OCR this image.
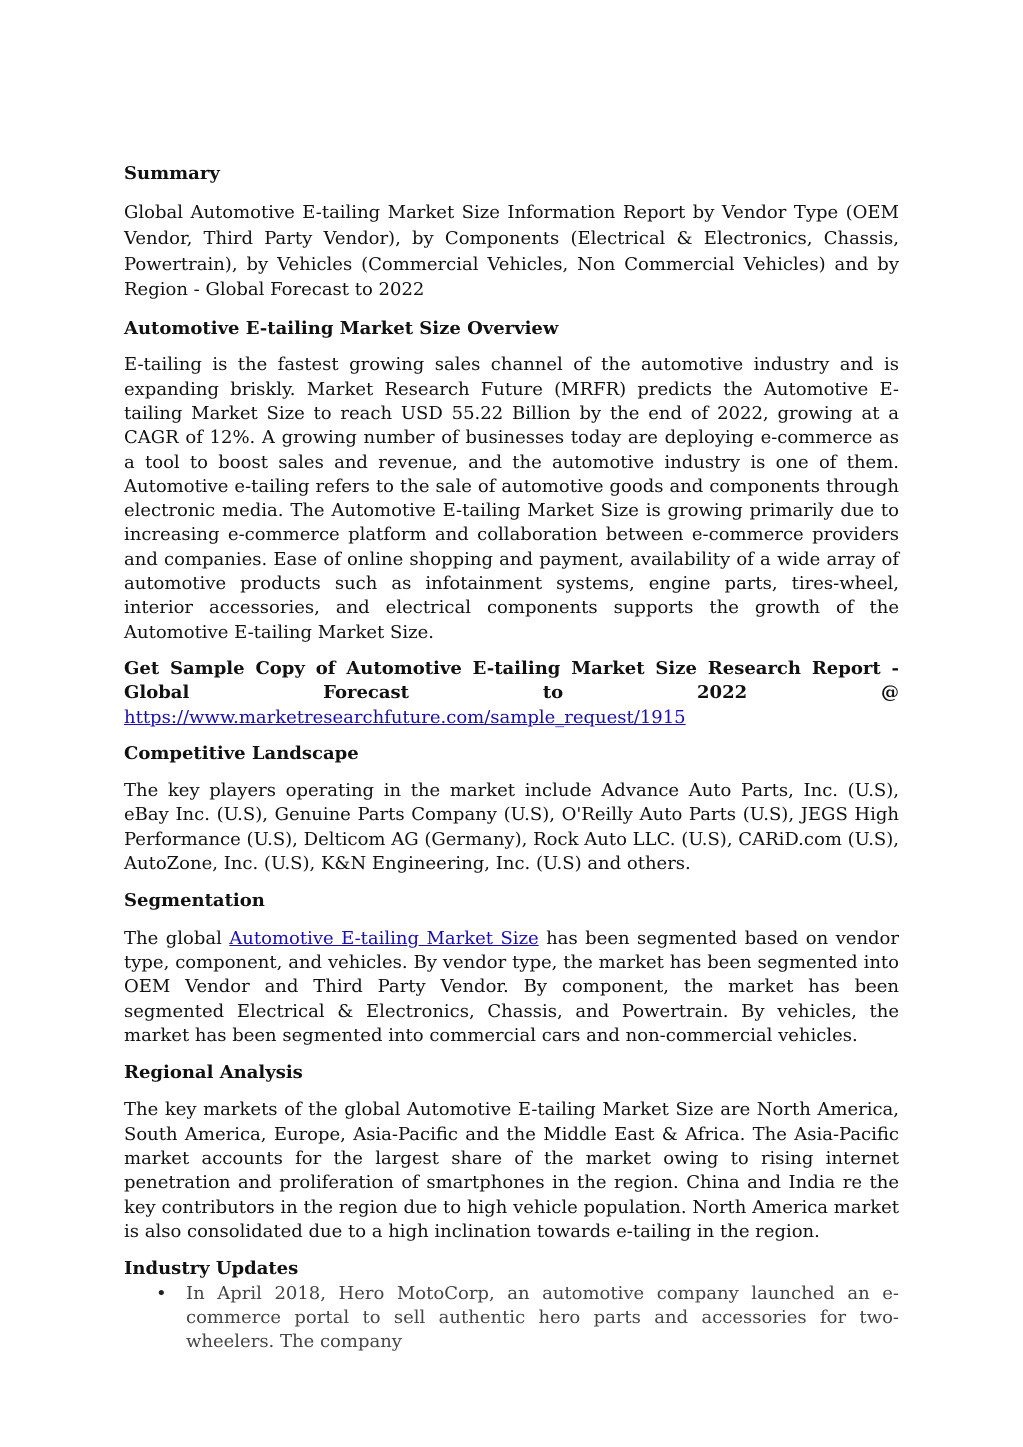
Summary

Global Automotive E-tailing Market Size Information Report by Vendor Type (OEM Vendor, Third Party Vendor), by Components (Electrical & Electronics, Chassis, Powertrain), by Vehicles (Commercial Vehicles, Non Commercial Vehicles) and by Region - Global Forecast to 2022

Automotive E-tailing Market Size Overview

E-tailing is the fastest growing sales channel of the automotive industry and is expanding briskly. Market Research Future (MRFR) predicts the Automotive E-tailing Market Size to reach USD 55.22 Billion by the end of 2022, growing at a CAGR of 12%. A growing number of businesses today are deploying e-commerce as a tool to boost sales and revenue, and the automotive industry is one of them. Automotive e-tailing refers to the sale of automotive goods and components through electronic media. The Automotive E-tailing Market Size is growing primarily due to increasing e-commerce platform and collaboration between e-commerce providers and companies. Ease of online shopping and payment, availability of a wide array of automotive products such as infotainment systems, engine parts, tires-wheel, interior accessories, and electrical components supports the growth of the Automotive E-tailing Market Size.

Get Sample Copy of Automotive E-tailing Market Size Research Report - Global Forecast to 2022 @ https://www.marketresearchfuture.com/sample_request/1915

Competitive Landscape

The key players operating in the market include Advance Auto Parts, Inc. (U.S), eBay Inc. (U.S), Genuine Parts Company (U.S), O'Reilly Auto Parts (U.S), JEGS High Performance (U.S), Delticom AG (Germany), Rock Auto LLC. (U.S), CARiD.com (U.S), AutoZone, Inc. (U.S), K&N Engineering, Inc. (U.S) and others.

Segmentation

The global Automotive E-tailing Market Size has been segmented based on vendor type, component, and vehicles. By vendor type, the market has been segmented into OEM Vendor and Third Party Vendor. By component, the market has been segmented Electrical & Electronics, Chassis, and Powertrain. By vehicles, the market has been segmented into commercial cars and non-commercial vehicles.

Regional Analysis

The key markets of the global Automotive E-tailing Market Size are North America, South America, Europe, Asia-Pacific and the Middle East & Africa. The Asia-Pacific market accounts for the largest share of the market owing to rising internet penetration and proliferation of smartphones in the region. China and India re the key contributors in the region due to high vehicle population. North America market is also consolidated due to a high inclination towards e-tailing in the region.

Industry Updates
• In April 2018, Hero MotoCorp, an automotive company launched an e-commerce portal to sell authentic hero parts and accessories for two-wheelers. The company
